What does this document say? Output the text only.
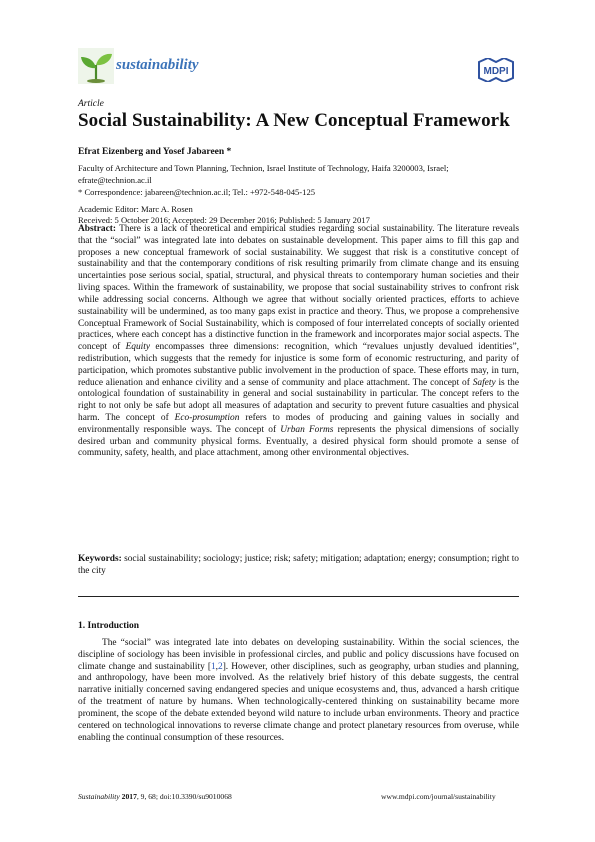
sustainability	MDPI
Article
Social Sustainability: A New Conceptual Framework
Efrat Eizenberg and Yosef Jabareen *
Faculty of Architecture and Town Planning, Technion, Israel Institute of Technology, Haifa 3200003, Israel;
efrate@technion.ac.il
* Correspondence: jabareen@technion.ac.il; Tel.: +972-548-045-125
Academic Editor: Marc A. Rosen
Received: 5 October 2016; Accepted: 29 December 2016; Published: 5 January 2017
Abstract: There is a lack of theoretical and empirical studies regarding social sustainability. The literature reveals that the “social” was integrated late into debates on sustainable development. This paper aims to fill this gap and proposes a new conceptual framework of social sustainability. We suggest that risk is a constitutive concept of sustainability and that the contemporary conditions of risk resulting primarily from climate change and its ensuing uncertainties pose serious social, spatial, structural, and physical threats to contemporary human societies and their living spaces. Within the framework of sustainability, we propose that social sustainability strives to confront risk while addressing social concerns. Although we agree that without socially oriented practices, efforts to achieve sustainability will be undermined, as too many gaps exist in practice and theory. Thus, we propose a comprehensive Conceptual Framework of Social Sustainability, which is composed of four interrelated concepts of socially oriented practices, where each concept has a distinctive function in the framework and incorporates major social aspects. The concept of Equity encompasses three dimensions: recognition, which “revalues unjustly devalued identities”, redistribution, which suggests that the remedy for injustice is some form of economic restructuring, and parity of participation, which promotes substantive public involvement in the production of space. These efforts may, in turn, reduce alienation and enhance civility and a sense of community and place attachment. The concept of Safety is the ontological foundation of sustainability in general and social sustainability in particular. The concept refers to the right to not only be safe but adopt all measures of adaptation and security to prevent future casualties and physical harm. The concept of Eco-prosumption refers to modes of producing and gaining values in socially and environmentally responsible ways. The concept of Urban Forms represents the physical dimensions of socially desired urban and community physical forms. Eventually, a desired physical form should promote a sense of community, safety, health, and place attachment, among other environmental objectives.
Keywords: social sustainability; sociology; justice; risk; safety; mitigation; adaptation; energy; consumption; right to the city
1. Introduction
The “social” was integrated late into debates on developing sustainability. Within the social sciences, the discipline of sociology has been invisible in professional circles, and public and policy discussions have focused on climate change and sustainability [1,2]. However, other disciplines, such as geography, urban studies and planning, and anthropology, have been more involved. As the relatively brief history of this debate suggests, the central narrative initially concerned saving endangered species and unique ecosystems and, thus, advanced a harsh critique of the treatment of nature by humans. When technologically-centered thinking on sustainability became more prominent, the scope of the debate extended beyond wild nature to include urban environments. Theory and practice centered on technological innovations to reverse climate change and protect planetary resources from overuse, while enabling the continual consumption of these resources.
Sustainability 2017, 9, 68; doi:10.3390/su9010068	www.mdpi.com/journal/sustainability
